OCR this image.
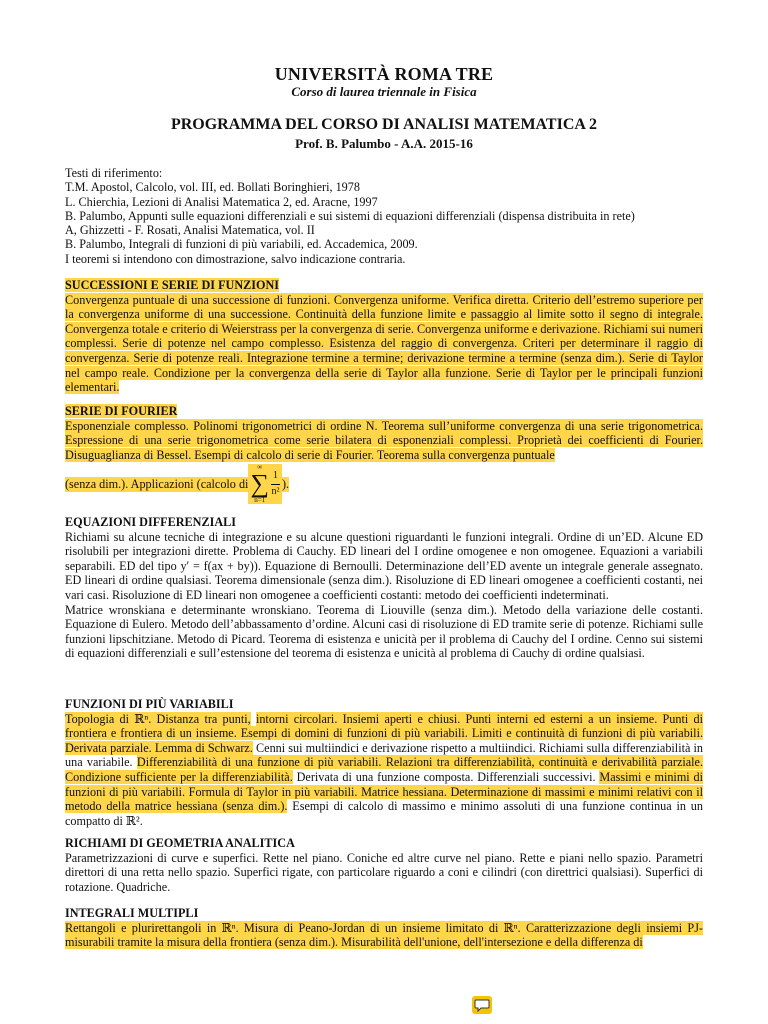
UNIVERSITÀ ROMA TRE
Corso di laurea triennale in Fisica
PROGRAMMA DEL CORSO DI ANALISI MATEMATICA 2
Prof. B. Palumbo - A.A. 2015-16
Testi di riferimento:
T.M. Apostol, Calcolo, vol. III, ed. Bollati Boringhieri, 1978
L. Chierchia, Lezioni di Analisi Matematica 2, ed. Aracne, 1997
B. Palumbo, Appunti sulle equazioni differenziali e sui sistemi di equazioni differenziali (dispensa distribuita in rete)
A, Ghizzetti - F. Rosati, Analisi Matematica, vol. II
B. Palumbo, Integrali di funzioni di più variabili, ed. Accademica, 2009.
I teoremi si intendono con dimostrazione, salvo indicazione contraria.
SUCCESSIONI E SERIE DI FUNZIONI
Convergenza puntuale di una successione di funzioni. Convergenza uniforme. Verifica diretta. Criterio dell’estremo superiore per la convergenza uniforme di una successione. Continuità della funzione limite e passaggio al limite sotto il segno di integrale. Convergenza totale e criterio di Weierstrass per la convergenza di serie. Convergenza uniforme e derivazione. Richiami sui numeri complessi. Serie di potenze nel campo complesso. Esistenza del raggio di convergenza. Criteri per determinare il raggio di convergenza. Serie di potenze reali. Integrazione termine a termine; derivazione termine a termine (senza dim.). Serie di Taylor nel campo reale. Condizione per la convergenza della serie di Taylor alla funzione. Serie di Taylor per le principali funzioni elementari.
SERIE DI FOURIER
Esponenziale complesso. Polinomi trigonometrici di ordine N. Teorema sull’uniforme convergenza di una serie trigonometrica. Espressione di una serie trigonometrica come serie bilatera di esponenziali complessi. Proprietà dei coefficienti di Fourier. Disuguaglianza di Bessel. Esempi di calcolo di serie di Fourier. Teorema sulla convergenza puntuale
(senza dim.). Applicazioni (calcolo di
∞
∑
n=1
$\frac{1}{\text{n²}}$ ).
EQUAZIONI DIFFERENZIALI
Richiami su alcune tecniche di integrazione e su alcune questioni riguardanti le funzioni integrali. Ordine di un’ED. Alcune ED risolubili per integrazioni dirette. Problema di Cauchy. ED lineari del I ordine omogenee e non omogenee. Equazioni a variabili separabili. ED del tipo y′ = f(ax + by)). Equazione di Bernoulli. Determinazione dell’ED avente un integrale generale assegnato. ED lineari di ordine qualsiasi. Teorema dimensionale (senza dim.). Risoluzione di ED lineari omogenee a coefficienti costanti, nei vari casi. Risoluzione di ED lineari non omogenee a coefficienti costanti: metodo dei coefficienti indeterminati.
Matrice wronskiana e determinante wronskiano. Teorema di Liouville (senza dim.). Metodo della variazione delle costanti. Equazione di Eulero. Metodo dell’abbassamento d’ordine. Alcuni casi di risoluzione di ED tramite serie di potenze. Richiami sulle funzioni lipschitziane. Metodo di Picard. Teorema di esistenza e unicità per il problema di Cauchy del I ordine. Cenno sui sistemi di equazioni differenziali e sull’estensione del teorema di esistenza e unicità al problema di Cauchy di ordine qualsiasi.
FUNZIONI DI PIÙ VARIABILI
Topologia di ℝⁿ. Distanza tra punti, intorni circolari. Insiemi aperti e chiusi. Punti interni ed esterni a un insieme. Punti di frontiera e frontiera di un insieme. Esempi di domini di funzioni di più variabili. Limiti e continuità di funzioni di più variabili. Derivata parziale. Lemma di Schwarz. Cenni sui multiindici e derivazione rispetto a multiindici. Richiami sulla differenziabilità in una variabile. Differenziabilità di una funzione di più variabili. Relazioni tra differenziabilità, continuità e derivabilità parziale. Condizione sufficiente per la differenziabilità. Derivata di una funzione composta. Differenziali successivi. Massimi e minimi di funzioni di più variabili. Formula di Taylor in più variabili. Matrice hessiana. Determinazione di massimi e minimi relativi con il metodo della matrice hessiana (senza dim.). Esempi di calcolo di massimo e minimo assoluti di una funzione continua in un compatto di ℝ².
RICHIAMI DI GEOMETRIA ANALITICA
Parametrizzazioni di curve e superfici. Rette nel piano. Coniche ed altre curve nel piano. Rette e piani nello spazio. Parametri direttori di una retta nello spazio. Superfici rigate, con particolare riguardo a coni e cilindri (con direttrici qualsiasi). Superfici di rotazione. Quadriche.
INTEGRALI MULTIPLI
Rettangoli e plurirettangoli in ℝⁿ. Misura di Peano-Jordan di un insieme limitato di ℝⁿ. Caratterizzazione degli insiemi PJ-misurabili tramite la misura della frontiera (senza dim.). Misurabilità dell'unione, dell'intersezione e della differenza di
